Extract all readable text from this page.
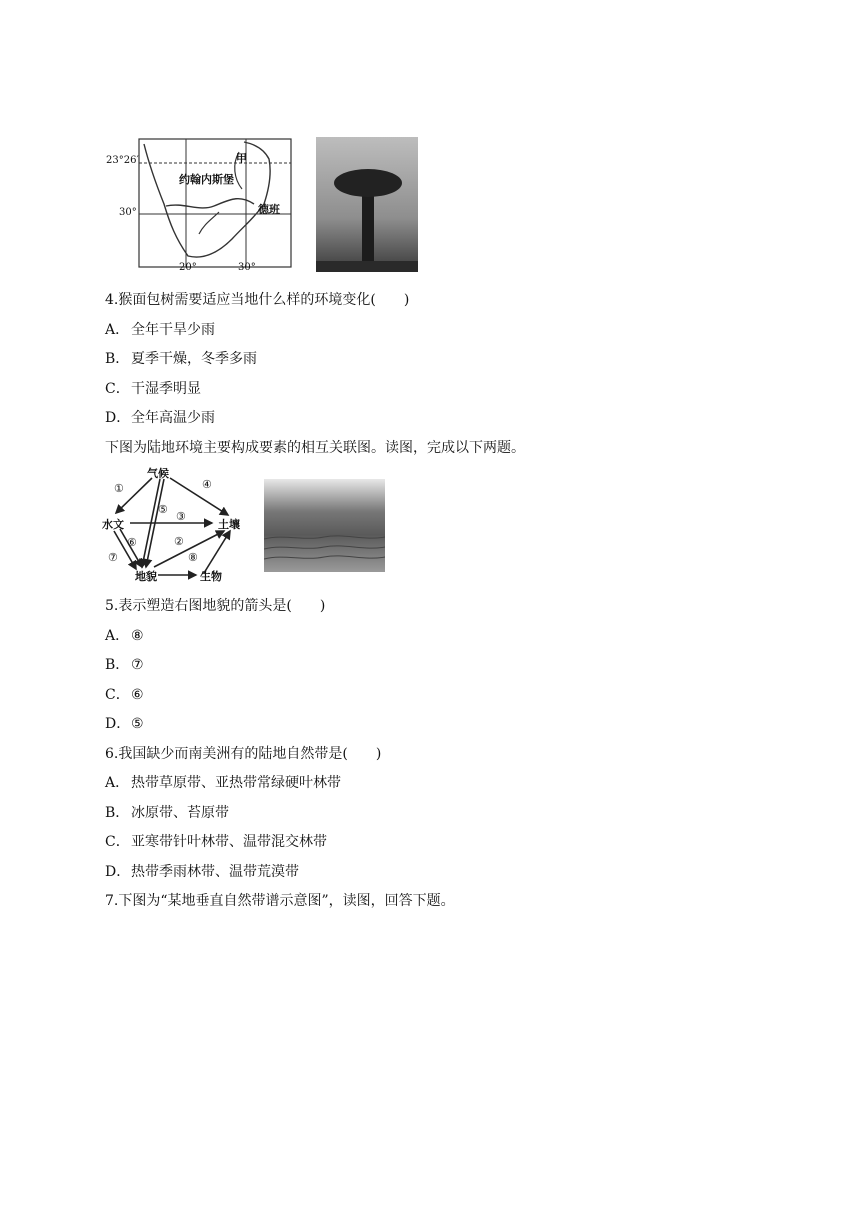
23°26′
30°
20°	30°
甲
约翰内斯堡
德班
4.猴面包树需要适应当地什么样的环境变化(　　)
A． 全年干旱少雨
B． 夏季干燥，冬季多雨
C．干湿季明显
D．全年高温少雨
下图为陆地环境主要构成要素的相互关联图。读图，完成以下两题。
气候
水文	土壤
地貌	生物
①
②
③
④
⑤
⑥
⑦	⑧
5.表示塑造右图地貌的箭头是(　　)
A． ⑧
B． ⑦
C．⑥
D．⑤
6.我国缺少而南美洲有的陆地自然带是(　　)
A． 热带草原带、亚热带常绿硬叶林带
B． 冰原带、苔原带
C．亚寒带针叶林带、温带混交林带
D．热带季雨林带、温带荒漠带
7.下图为“某地垂直自然带谱示意图”，读图，回答下题。
